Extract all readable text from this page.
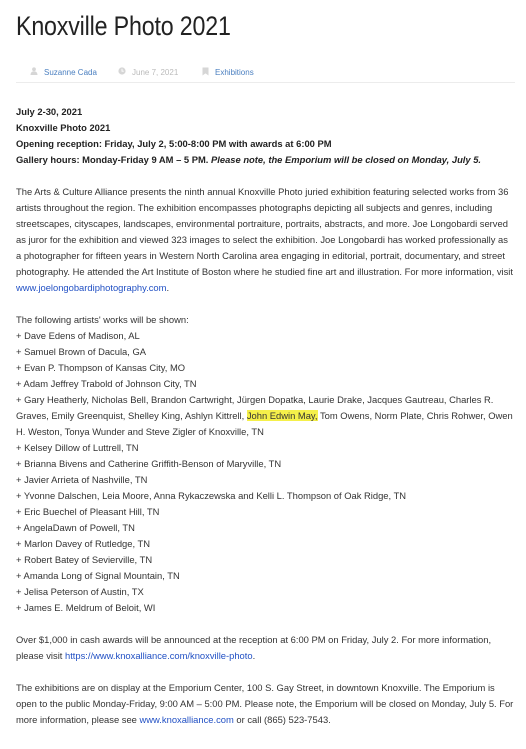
Knoxville Photo 2021
Suzanne Cada	June 7, 2021	Exhibitions

July 2-30, 2021
Knoxville Photo 2021
Opening reception: Friday, July 2, 5:00-8:00 PM with awards at 6:00 PM
Gallery hours: Monday-Friday 9 AM – 5 PM. Please note, the Emporium will be closed on Monday, July 5.

The Arts & Culture Alliance presents the ninth annual Knoxville Photo juried exhibition featuring selected works from 36 artists throughout the region. The exhibition encompasses photographs depicting all subjects and genres, including streetscapes, cityscapes, landscapes, environmental portraiture, portraits, abstracts, and more. Joe Longobardi served as juror for the exhibition and viewed 323 images to select the exhibition. Joe Longobardi has worked professionally as a photographer for fifteen years in Western North Carolina area engaging in editorial, portrait, documentary, and street photography. He attended the Art Institute of Boston where he studied fine art and illustration. For more information, visit www.joelongobardiphotography.com.

The following artists' works will be shown:
+ Dave Edens of Madison, AL
+ Samuel Brown of Dacula, GA
+ Evan P. Thompson of Kansas City, MO
+ Adam Jeffrey Trabold of Johnson City, TN
+ Gary Heatherly, Nicholas Bell, Brandon Cartwright, Jürgen Dopatka, Laurie Drake, Jacques Gautreau, Charles R. Graves, Emily Greenquist, Shelley King, Ashlyn Kittrell, John Edwin May, Tom Owens, Norm Plate, Chris Rohwer, Owen H. Weston, Tonya Wunder and Steve Zigler of Knoxville, TN
+ Kelsey Dillow of Luttrell, TN
+ Brianna Bivens and Catherine Griffith-Benson of Maryville, TN
+ Javier Arrieta of Nashville, TN
+ Yvonne Dalschen, Leia Moore, Anna Rykaczewska and Kelli L. Thompson of Oak Ridge, TN
+ Eric Buechel of Pleasant Hill, TN
+ AngelaDawn of Powell, TN
+ Marlon Davey of Rutledge, TN
+ Robert Batey of Sevierville, TN
+ Amanda Long of Signal Mountain, TN
+ Jelisa Peterson of Austin, TX
+ James E. Meldrum of Beloit, WI

Over $1,000 in cash awards will be announced at the reception at 6:00 PM on Friday, July 2. For more information, please visit https://www.knoxalliance.com/knoxville-photo.

The exhibitions are on display at the Emporium Center, 100 S. Gay Street, in downtown Knoxville. The Emporium is open to the public Monday-Friday, 9:00 AM – 5:00 PM. Please note, the Emporium will be closed on Monday, July 5. For more information, please see www.knoxalliance.com or call (865) 523-7543.
